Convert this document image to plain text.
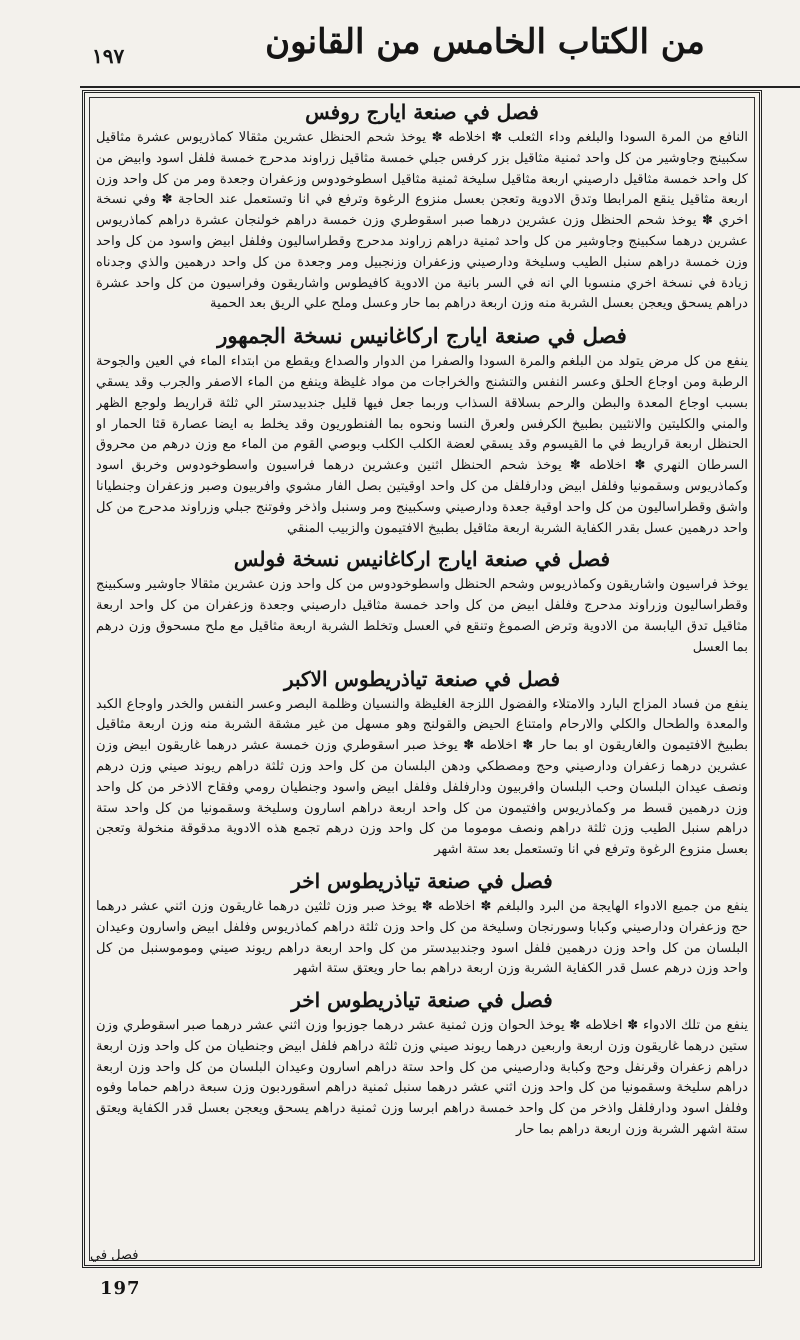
١٩٧	من الكتاب الخامس من القانون
فصل في صنعة ايارج روفس
النافع من المرة السودا والبلغم وداء الثعلب ✽ اخلاطه ✽ يوخذ شحم الحنظل عشرين مثقالا كماذريوس عشرة مثاقيل سكبينج وجاوشير من كل واحد ثمنية مثاقيل بزر كرفس جبلي خمسة مثاقيل زراوند مدحرج خمسة فلفل اسود وابيض من كل واحد خمسة مثاقيل دارصيني اربعة مثاقيل سليخة ثمنية مثاقيل اسطوخودوس وزعفران وجعدة ومر من كل واحد وزن اربعة مثاقيل ينقع المرابطا وتدق الادوية وتعجن بعسل منزوع الرغوة وترفع في انا وتستعمل عند الحاجة ✽ وفي نسخة اخري ✽ يوخذ شحم الحنظل وزن عشرين درهما صبر اسقوطري وزن خمسة دراهم خولنجان عشرة دراهم كماذريوس عشرين درهما سكبينج وجاوشير من كل واحد ثمنية دراهم زراوند مدحرج وقطراساليون وفلفل ابيض واسود من كل واحد وزن خمسة دراهم سنبل الطيب وسليخة ودارصيني وزعفران وزنجبيل ومر وجعدة من كل واحد درهمين والذي وجدناه زيادة في نسخة اخري منسوبا الي انه في السر بانية من الادوية كافيطوس واشاريقون وفراسيون من كل واحد عشرة دراهم يسحق ويعجن بعسل الشربة منه وزن اربعة دراهم بما حار وعسل وملح علي الريق بعد الحمية
فصل في صنعة ايارج اركاغانيس نسخة الجمهور
ينفع من كل مرض يتولد من البلغم والمرة السودا والصفرا من الدوار والصداع ويقطع من ابتداء الماء في العين والجوحة الرطبة ومن اوجاع الحلق وعسر النفس والتشنج والخراجات من مواد غليظة وينفع من الماء الاصفر والجرب وقد يسقي بسبب اوجاع المعدة والبطن والرحم بسلاقة السذاب وربما جعل فيها قليل جندبيدستر الي ثلثة قراريط ولوجع الظهر والمني والكليتين والانثيين بطبيخ الكرفس ولعرق النسا ونحوه بما الفنطوريون وقد يخلط به ايضا عصارة قثا الحمار او الحنظل اربعة قراريط في ما القيسوم وقد يسقي لعضة الكلب الكلب وبوصي القوم من الماء مع وزن درهم من محروق السرطان النهري ✽ اخلاطه ✽ يوخذ شحم الحنظل اثنين وعشرين درهما فراسيون واسطوخودوس وخربق اسود وكماذريوس وسقمونيا وفلفل ابيض ودارفلفل من كل واحد اوقيتين بصل الفار مشوي وافربيون وصبر وزعفران وجنطيانا واشق وقطراساليون من كل واحد اوقية جعدة ودارصيني وسكبينج ومر وسنبل واذخر وفوتنج جبلي وزراوند مدحرج من كل واحد درهمين عسل بقدر الكفاية الشربة اربعة مثاقيل بطبيخ الافتيمون والزبيب المنقي
فصل في صنعة ايارج اركاغانيس نسخة فولس
يوخذ فراسيون واشاريقون وكماذريوس وشحم الحنظل واسطوخودوس من كل واحد وزن عشرين مثقالا جاوشير وسكبينج وقطراساليون وزراوند مدحرج وفلفل ابيض من كل واحد خمسة مثاقيل دارصيني وجعدة وزعفران من كل واحد اربعة مثاقيل تدق اليابسة من الادوية وترض الصموغ وتنقع في العسل وتخلط الشربة اربعة مثاقيل مع ملح مسحوق وزن درهم بما العسل
فصل في صنعة تياذريطوس الاكبر
ينفع من فساد المزاج البارد والامتلاء والفضول اللزجة الغليظة والنسيان وظلمة البصر وعسر النفس والخدر واوجاع الكبد والمعدة والطحال والكلي والارحام وامتناع الحيض والقولنج وهو مسهل من غير مشقة الشربة منه وزن اربعة مثاقيل بطبيخ الافتيمون والغاريقون او بما حار ✽ اخلاطه ✽ يوخذ صبر اسقوطري وزن خمسة عشر درهما غاريقون ابيض وزن عشرين درهما زعفران ودارصيني وحج ومصطكي ودهن البلسان من كل واحد وزن ثلثة دراهم ريوند صيني وزن درهم ونصف عيدان البلسان وحب البلسان وافربيون ودارفلفل وفلفل ابيض واسود وجنطيان رومي وفقاح الاذخر من كل واحد وزن درهمين قسط مر وكماذريوس وافتيمون من كل واحد اربعة دراهم اسارون وسليخة وسقمونيا من كل واحد ستة دراهم سنبل الطيب وزن ثلثة دراهم ونصف موموما من كل واحد وزن درهم تجمع هذه الادوية مدقوقة منخولة وتعجن بعسل منزوع الرغوة وترفع في انا وتستعمل بعد ستة اشهر
فصل في صنعة تياذريطوس اخر
ينفع من جميع الادواء الهايجة من البرد والبلغم ✽ اخلاطه ✽ يوخذ صبر وزن ثلثين درهما غاريقون وزن اثني عشر درهما حج وزعفران ودارصيني وكبابا وسورنجان وسليخة من كل واحد وزن ثلثة دراهم كماذريوس وفلفل ابيض واسارون وعيدان البلسان من كل واحد وزن درهمين فلفل اسود وجندبيدستر من كل واحد اربعة دراهم ريوند صيني وموموسنبل من كل واحد وزن درهم عسل قدر الكفاية الشربة وزن اربعة دراهم بما حار ويعتق ستة اشهر
فصل في صنعة تياذريطوس اخر
ينفع من تلك الادواء ✽ اخلاطه ✽ يوخذ الحوان وزن ثمنية عشر درهما جوزبوا وزن اثني عشر درهما صبر اسقوطري وزن ستين درهما غاريقون وزن اربعة واربعين درهما ريوند صيني وزن ثلثة دراهم فلفل ابيض وجنطيان من كل واحد وزن اربعة دراهم زعفران وقرنفل وحج وكبابة ودارصيني من كل واحد ستة دراهم اسارون وعيدان البلسان من كل واحد وزن اربعة دراهم سليخة وسقمونيا من كل واحد وزن اثني عشر درهما سنبل ثمنية دراهم اسقوردبون وزن سبعة دراهم حماما وفوه وفلفل اسود ودارفلفل واذخر من كل واحد خمسة دراهم ابرسا وزن ثمنية دراهم يسحق ويعجن بعسل قدر الكفاية ويعتق ستة اشهر الشربة وزن اربعة دراهم بما حار
فصل في
197
